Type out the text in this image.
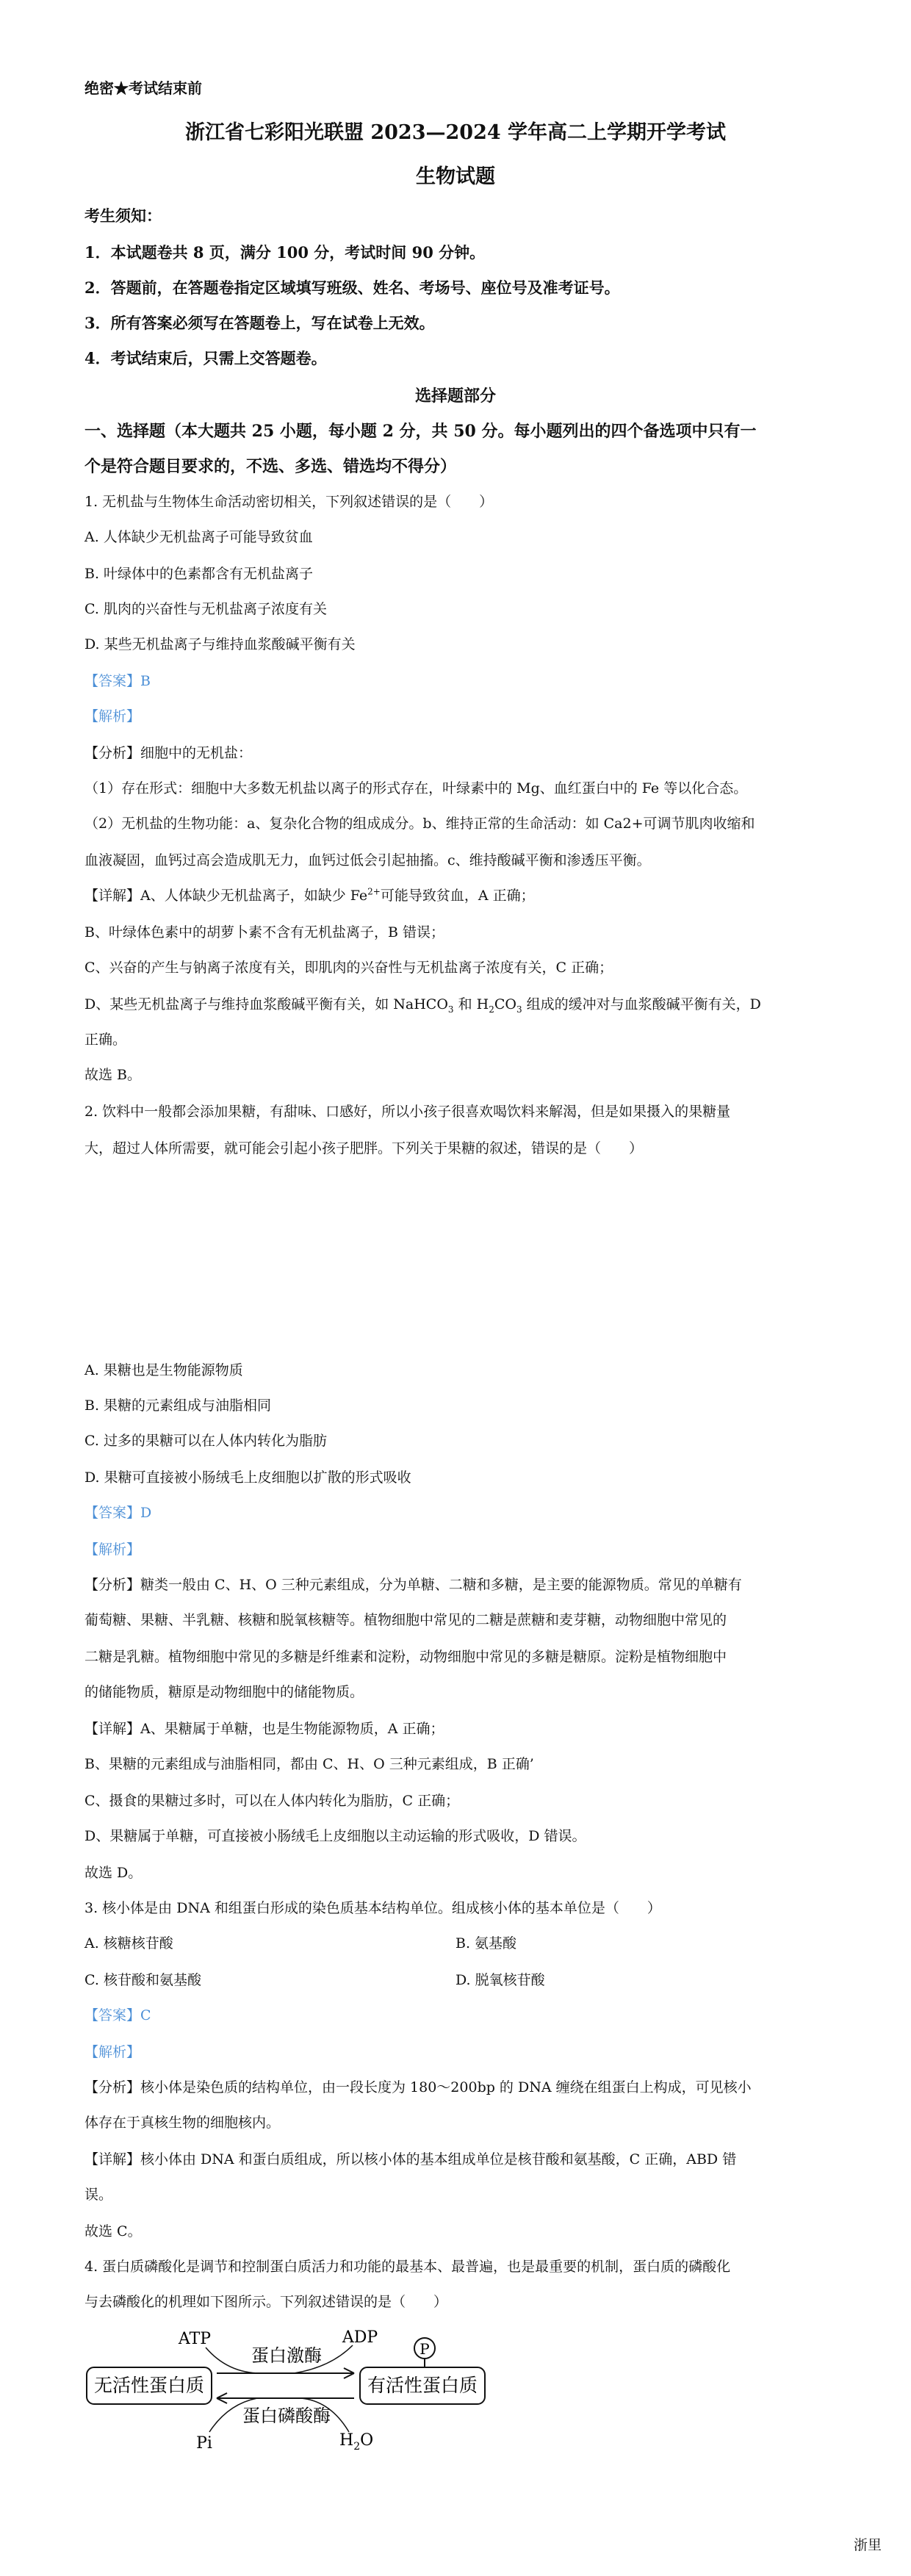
绝密★考试结束前
浙江省七彩阳光联盟 2023—2024 学年高二上学期开学考试
生物试题
考生须知：
1．本试题卷共 8 页，满分 100 分，考试时间 90 分钟。
2．答题前，在答题卷指定区域填写班级、姓名、考场号、座位号及准考证号。
3．所有答案必须写在答题卷上，写在试卷上无效。
4．考试结束后，只需上交答题卷。
选择题部分
一、选择题（本大题共 25 小题，每小题 2 分，共 50 分。每小题列出的四个备选项中只有一
个是符合题目要求的，不选、多选、错选均不得分）
1. 无机盐与生物体生命活动密切相关，下列叙述错误的是（　　）
A. 人体缺少无机盐离子可能导致贫血
B. 叶绿体中的色素都含有无机盐离子
C. 肌肉的兴奋性与无机盐离子浓度有关
D. 某些无机盐离子与维持血浆酸碱平衡有关
【答案】B
【解析】
【分析】细胞中的无机盐：
（1）存在形式：细胞中大多数无机盐以离子的形式存在，叶绿素中的 Mg、血红蛋白中的 Fe 等以化合态。
（2）无机盐的生物功能：a、复杂化合物的组成成分。b、维持正常的生命活动：如 Ca2+可调节肌肉收缩和
血液凝固，血钙过高会造成肌无力，血钙过低会引起抽搐。c、维持酸碱平衡和渗透压平衡。
【详解】A、人体缺少无机盐离子，如缺少 $Fe^{2+}$可能导致贫血，A 正确；
B、叶绿体色素中的胡萝卜素不含有无机盐离子，B 错误；
C、兴奋的产生与钠离子浓度有关，即肌肉的兴奋性与无机盐离子浓度有关，C 正确；
D、某些无机盐离子与维持血浆酸碱平衡有关，如 NaHCO$_3$ 和 $H_2CO_3$ 组成的缓冲对与血浆酸碱平衡有关，D
正确。
故选 B。
2. 饮料中一般都会添加果糖，有甜味、口感好，所以小孩子很喜欢喝饮料来解渴，但是如果摄入的果糖量
大，超过人体所需要，就可能会引起小孩子肥胖。下列关于果糖的叙述，错误的是（　　）
A. 果糖也是生物能源物质
B. 果糖的元素组成与油脂相同
C. 过多的果糖可以在人体内转化为脂肪
D. 果糖可直接被小肠绒毛上皮细胞以扩散的形式吸收
【答案】D
【解析】
【分析】糖类一般由 C、H、O 三种元素组成，分为单糖、二糖和多糖，是主要的能源物质。常见的单糖有
葡萄糖、果糖、半乳糖、核糖和脱氧核糖等。植物细胞中常见的二糖是蔗糖和麦芽糖，动物细胞中常见的
二糖是乳糖。植物细胞中常见的多糖是纤维素和淀粉，动物细胞中常见的多糖是糖原。淀粉是植物细胞中
的储能物质，糖原是动物细胞中的储能物质。
【详解】A、果糖属于单糖，也是生物能源物质，A 正确；
B、果糖的元素组成与油脂相同，都由 C、H、O 三种元素组成，B 正确’
C、摄食的果糖过多时，可以在人体内转化为脂肪，C 正确；
D、果糖属于单糖，可直接被小肠绒毛上皮细胞以主动运输的形式吸收，D 错误。
故选 D。
3. 核小体是由 DNA 和组蛋白形成的染色质基本结构单位。组成核小体的基本单位是（　　）
A. 核糖核苷酸	B. 氨基酸
C. 核苷酸和氨基酸	D. 脱氧核苷酸
【答案】C
【解析】
【分析】核小体是染色质的结构单位，由一段长度为 180～200bp 的 DNA 缠绕在组蛋白上构成，可见核小
体存在于真核生物的细胞核内。
【详解】核小体由 DNA 和蛋白质组成，所以核小体的基本组成单位是核苷酸和氨基酸，C 正确，ABD 错
误。
故选 C。
4. 蛋白质磷酸化是调节和控制蛋白质活力和功能的最基本、最普遍，也是最重要的机制，蛋白质的磷酸化
与去磷酸化的机理如下图所示。下列叙述错误的是（　　）
无活性蛋白质	有活性蛋白质
ATP	ADP
蛋白激酶	P
蛋白磷酸酶
Pi	$H_2O$
浙里
